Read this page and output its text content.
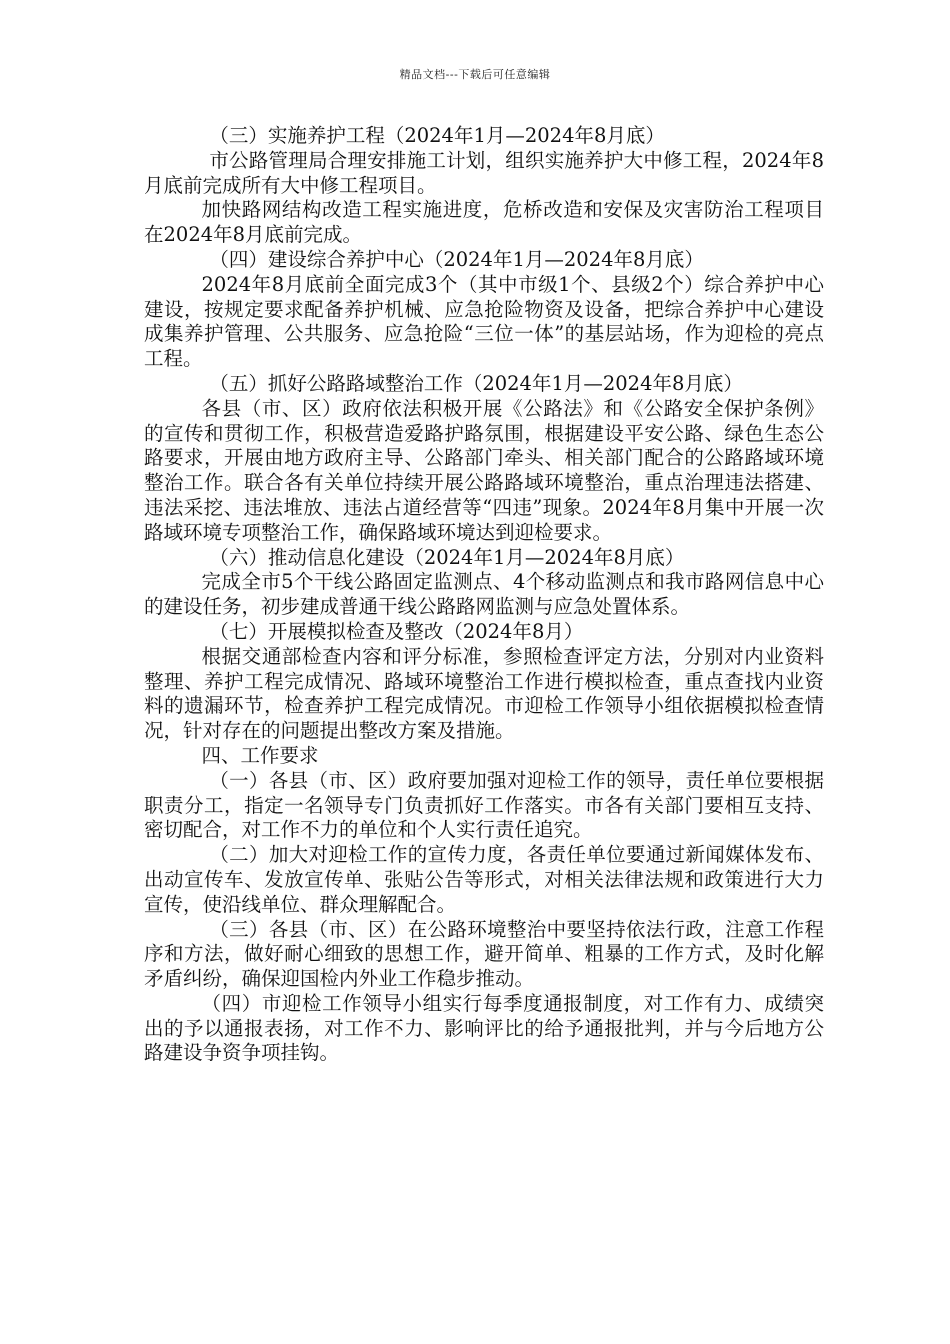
精品文档---下载后可任意编辑

（三）实施养护工程（2024年1月—2024年8月底）

市公路管理局合理安排施工计划，组织实施养护大中修工程，2024年8月底前完成所有大中修工程项目。

加快路网结构改造工程实施进度，危桥改造和安保及灾害防治工程项目在2024年8月底前完成。

（四）建设综合养护中心（2024年1月—2024年8月底）

2024年8月底前全面完成3个（其中市级1个、县级2个）综合养护中心建设，按规定要求配备养护机械、应急抢险物资及设备，把综合养护中心建设成集养护管理、公共服务、应急抢险“三位一体”的基层站场，作为迎检的亮点工程。

（五）抓好公路路域整治工作（2024年1月—2024年8月底）

各县（市、区）政府依法积极开展《公路法》和《公路安全保护条例》的宣传和贯彻工作，积极营造爱路护路氛围，根据建设平安公路、绿色生态公路要求，开展由地方政府主导、公路部门牵头、相关部门配合的公路路域环境整治工作。联合各有关单位持续开展公路路域环境整治，重点治理违法搭建、违法采挖、违法堆放、违法占道经营等“四违”现象。2024年8月集中开展一次路域环境专项整治工作，确保路域环境达到迎检要求。

（六）推动信息化建设（2024年1月—2024年8月底）

完成全市5个干线公路固定监测点、4个移动监测点和我市路网信息中心的建设任务，初步建成普通干线公路路网监测与应急处置体系。

（七）开展模拟检查及整改（2024年8月）

根据交通部检查内容和评分标准，参照检查评定方法，分别对内业资料整理、养护工程完成情况、路域环境整治工作进行模拟检查，重点查找内业资料的遗漏环节，检查养护工程完成情况。市迎检工作领导小组依据模拟检查情况，针对存在的问题提出整改方案及措施。

四、工作要求

（一）各县（市、区）政府要加强对迎检工作的领导，责任单位要根据职责分工，指定一名领导专门负责抓好工作落实。市各有关部门要相互支持、密切配合，对工作不力的单位和个人实行责任追究。

（二）加大对迎检工作的宣传力度，各责任单位要通过新闻媒体发布、出动宣传车、发放宣传单、张贴公告等形式，对相关法律法规和政策进行大力宣传，使沿线单位、群众理解配合。

（三）各县（市、区）在公路环境整治中要坚持依法行政，注意工作程序和方法，做好耐心细致的思想工作，避开简单、粗暴的工作方式，及时化解矛盾纠纷，确保迎国检内外业工作稳步推动。

（四）市迎检工作领导小组实行每季度通报制度，对工作有力、成绩突出的予以通报表扬，对工作不力、影响评比的给予通报批判，并与今后地方公路建设争资争项挂钩。
